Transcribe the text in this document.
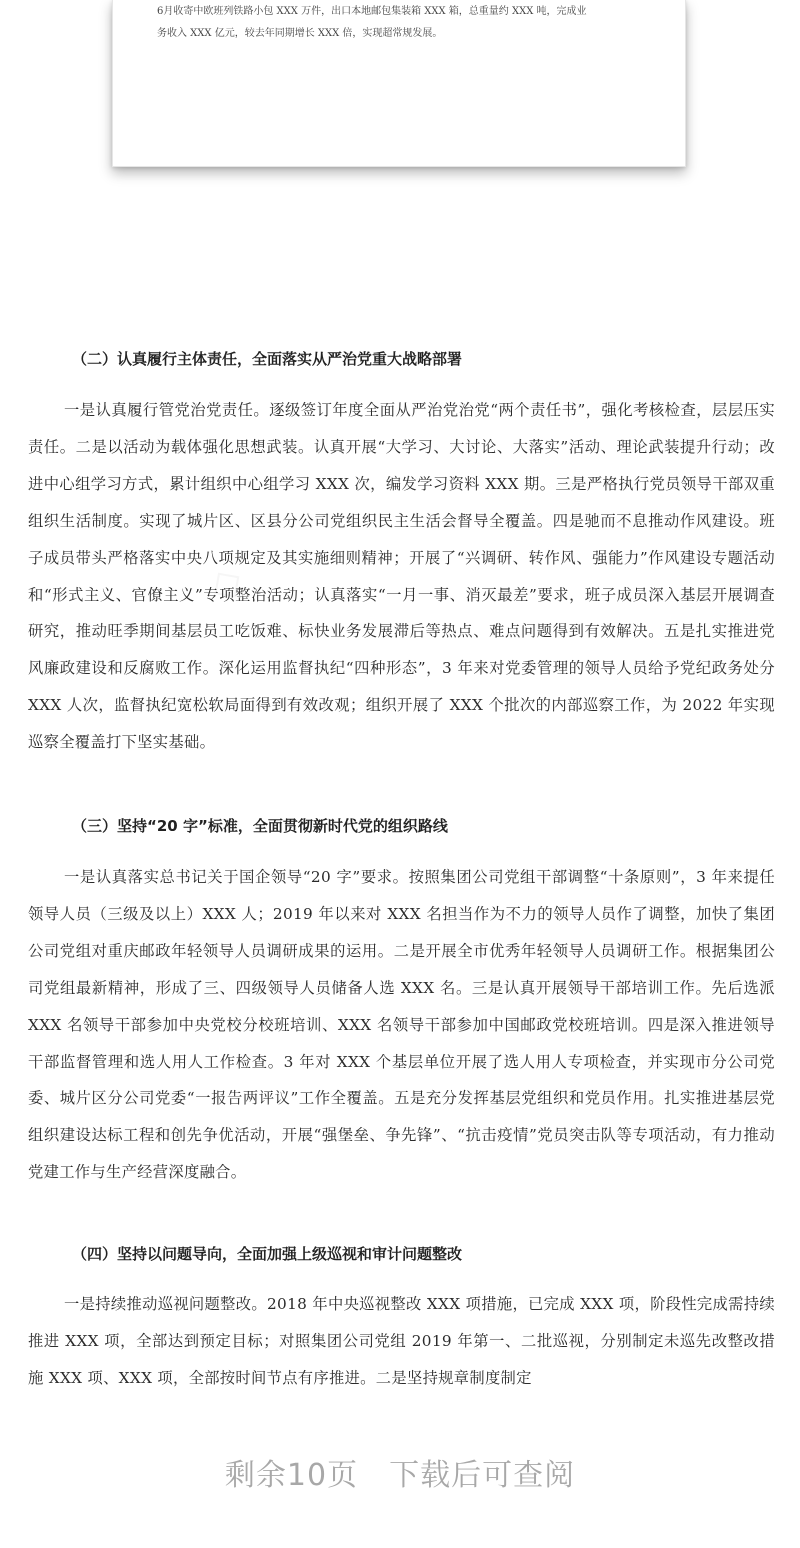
6月收寄中欧班列铁路小包 XXX 万件，出口本地邮包集装箱 XXX 箱，总重量约 XXX 吨，完成业

务收入 XXX 亿元，较去年同期增长 XXX 倍，实现超常规发展。

（二）认真履行主体责任，全面落实从严治党重大战略部署

一是认真履行管党治党责任。逐级签订年度全面从严治党治党“两个责任书”，强化考核检查，层层压实责任。二是以活动为载体强化思想武装。认真开展“大学习、大讨论、大落实”活动、理论武装提升行动；改进中心组学习方式，累计组织中心组学习 XXX 次，编发学习资料 XXX 期。三是严格执行党员领导干部双重组织生活制度。实现了城片区、区县分公司党组织民主生活会督导全覆盖。四是驰而不息推动作风建设。班子成员带头严格落实中央八项规定及其实施细则精神；开展了“兴调研、转作风、强能力”作风建设专题活动和“形式主义、官僚主义”专项整治活动；认真落实“一月一事、消灭最差”要求，班子成员深入基层开展调查研究，推动旺季期间基层员工吃饭难、标快业务发展滞后等热点、难点问题得到有效解决。五是扎实推进党风廉政建设和反腐败工作。深化运用监督执纪“四种形态”，3 年来对党委管理的领导人员给予党纪政务处分 XXX 人次，监督执纪宽松软局面得到有效改观；组织开展了 XXX 个批次的内部巡察工作，为 2022 年实现巡察全覆盖打下坚实基础。

（三）坚持“20 字”标准，全面贯彻新时代党的组织路线

一是认真落实总书记关于国企领导“20 字”要求。按照集团公司党组干部调整“十条原则”，3 年来提任领导人员（三级及以上）XXX 人；2019 年以来对 XXX 名担当作为不力的领导人员作了调整，加快了集团公司党组对重庆邮政年轻领导人员调研成果的运用。二是开展全市优秀年轻领导人员调研工作。根据集团公司党组最新精神，形成了三、四级领导人员储备人选 XXX 名。三是认真开展领导干部培训工作。先后选派 XXX 名领导干部参加中央党校分校班培训、XXX 名领导干部参加中国邮政党校班培训。四是深入推进领导干部监督管理和选人用人工作检查。3 年对 XXX 个基层单位开展了选人用人专项检查，并实现市分公司党委、城片区分公司党委“一报告两评议”工作全覆盖。五是充分发挥基层党组织和党员作用。扎实推进基层党组织建设达标工程和创先争优活动，开展“强堡垒、争先锋”、“抗击疫情”党员突击队等专项活动，有力推动党建工作与生产经营深度融合。

（四）坚持以问题导向，全面加强上级巡视和审计问题整改

一是持续推动巡视问题整改。2018 年中央巡视整改 XXX 项措施，已完成 XXX 项，阶段性完成需持续推进 XXX 项，全部达到预定目标；对照集团公司党组 2019 年第一、二批巡视，分别制定未巡先改整改措施 XXX 项、XXX 项，全部按时间节点有序推进。二是坚持规章制度制定

剩余10页　下载后可查阅
